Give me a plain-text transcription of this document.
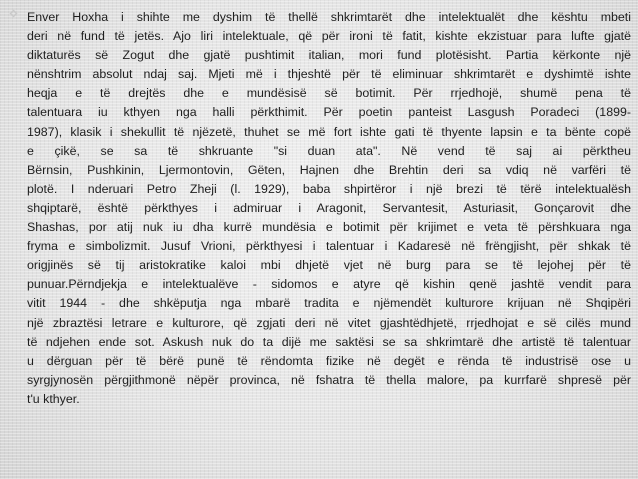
Enver Hoxha i shihte me dyshim të thellë shkrimtarët dhe intelektualët dhe kështu mbeti
deri në fund të jetës. Ajo liri intelektuale, që për ironi të fatit, kishte ekzistuar para lufte gjatë
diktaturës së Zogut dhe gjatë pushtimit italian, mori fund plotësisht. Partia kërkonte një
nënshtrim absolut ndaj saj. Mjeti më i thjeshtë për të eliminuar shkrimtarët e dyshimtë ishte
heqja e të drejtës dhe e mundësisë së botimit. Për rrjedhojë, shumë pena të
talentuara iu kthyen nga halli përkthimit. Për poetin panteist Lasgush Poradeci (1899-
1987), klasik i shekullit të njëzetë, thuhet se më fort ishte gati të thyente lapsin e ta bënte copë
e çikë, se sa të shkruante "si duan ata". Në vend të saj ai përktheu
Bërnsin, Pushkinin, Ljermontovin, Gëten, Hajnen dhe Brehtin deri sa vdiq në varfëri të
plotë. I nderuari Petro Zheji (l. 1929), baba shpirtëror i një brezi të tërë intelektualësh
shqiptarë, është përkthyes i admiruar i Aragonit, Servantesit, Asturiasit, Gonçarovit dhe
Shashas, por atij nuk iu dha kurrë mundësia e botimit për krijimet e veta të përshkuara nga
fryma e simbolizmit. Jusuf Vrioni, përkthyesi i talentuar i Kadaresë në frëngjisht, për shkak të
origjinës së tij aristokratike kaloi mbi dhjetë vjet në burg para se të lejohej për të
punuar.Përndjekja e intelektualëve - sidomos e atyre që kishin qenë jashtë vendit para
vitit 1944 - dhe shkëputja nga mbarë tradita e njëmendët kulturore krijuan në Shqipëri
një zbraztësi letrare e kulturore, që zgjati deri në vitet gjashtëdhjetë, rrjedhojat e së cilës mund
të ndjehen ende sot. Askush nuk do ta dijë me saktësi se sa shkrimtarë dhe artistë të talentuar
u dërguan për të bërë punë të rëndomta fizike në degët e rënda të industrisë ose u
syrgjynosën përgjithmonë nëpër provinca, në fshatra të thella malore, pa kurrfarë shpresë për
t'u kthyer.
